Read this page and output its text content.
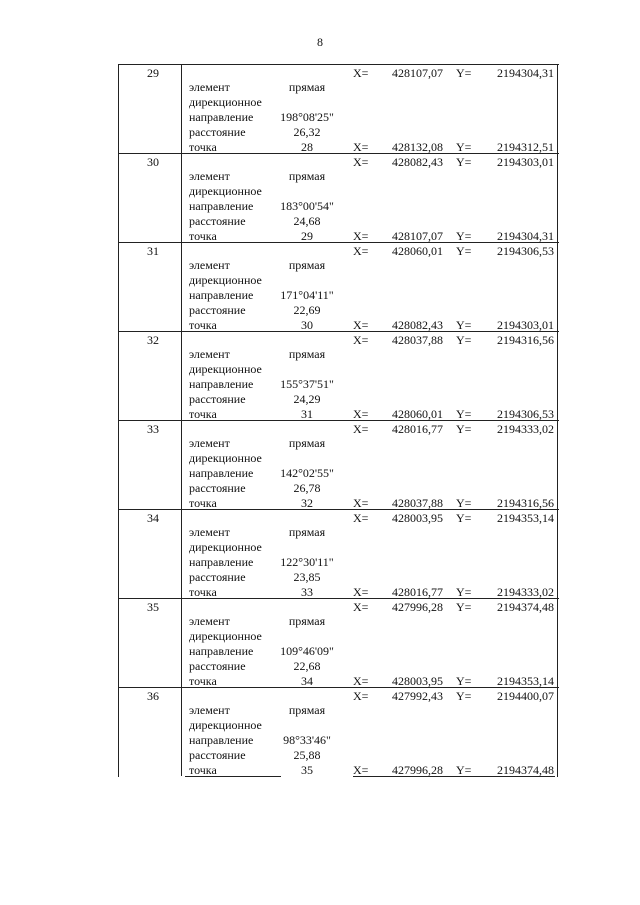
8
29	X=	428107,07 Y=	2194304,31
элемент	прямая
дирекционное
направление	198°08'25"
расстояние	26,32
точка	28	X=	428132,08 Y=	2194312,51
30	X=	428082,43 Y=	2194303,01
элемент	прямая
дирекционное
направление	183°00'54"
расстояние	24,68
точка	29	X=	428107,07 Y=	2194304,31
31	X=	428060,01 Y=	2194306,53
элемент	прямая
дирекционное
направление	171°04'11"
расстояние	22,69
точка	30	X=	428082,43 Y=	2194303,01
32	X=	428037,88 Y=	2194316,56
элемент	прямая
дирекционное
направление	155°37'51"
расстояние	24,29
точка	31	X=	428060,01 Y=	2194306,53
33	X=	428016,77 Y=	2194333,02
элемент	прямая
дирекционное
направление	142°02'55"
расстояние	26,78
точка	32	X=	428037,88 Y=	2194316,56
34	X=	428003,95 Y=	2194353,14
элемент	прямая
дирекционное
направление	122°30'11"
расстояние	23,85
точка	33	X=	428016,77 Y=	2194333,02
35	X=	427996,28 Y=	2194374,48
элемент	прямая
дирекционное
направление	109°46'09"
расстояние	22,68
точка	34	X=	428003,95 Y=	2194353,14
36	X=	427992,43 Y=	2194400,07
элемент	прямая
дирекционное
направление	98°33'46"
расстояние	25,88
точка	35	X=	427996,28 Y=	2194374,48
